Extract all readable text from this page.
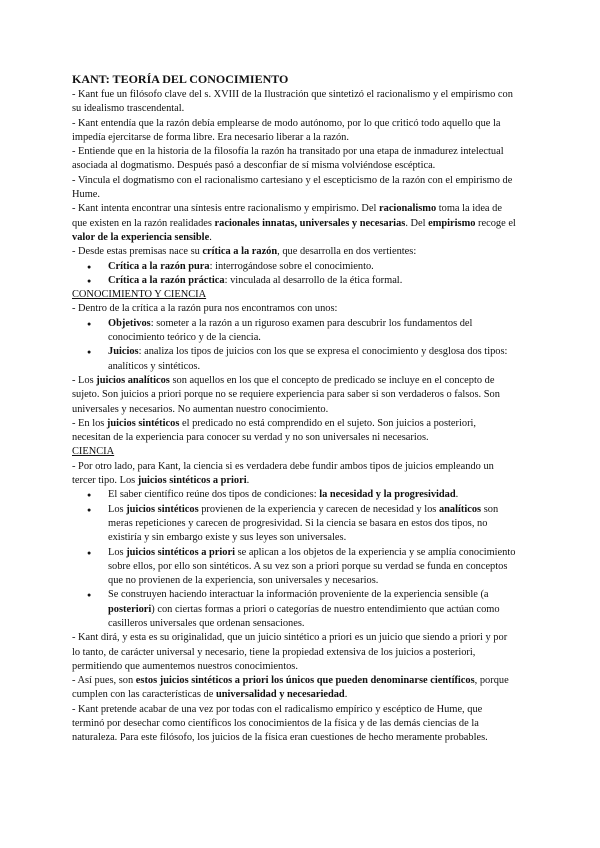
KANT: TEORÍA DEL CONOCIMIENTO

- Kant fue un filósofo clave del s. XVIII de la Ilustración que sintetizó el racionalismo y el empirismo con su idealismo trascendental.

- Kant entendía que la razón debía emplearse de modo autónomo, por lo que criticó todo aquello que la impedía ejercitarse de forma libre. Era necesario liberar a la razón.

- Entiende que en la historia de la filosofía la razón ha transitado por una etapa de inmadurez intelectual asociada al dogmatismo. Después pasó a desconfiar de sí misma volviéndose escéptica.

- Vincula el dogmatismo con el racionalismo cartesiano y el escepticismo de la razón con el empirismo de Hume.

- Kant intenta encontrar una síntesis entre racionalismo y empirismo. Del racionalismo toma la idea de que existen en la razón realidades racionales innatas, universales y necesarias. Del empirismo recoge el valor de la experiencia sensible.

- Desde estas premisas nace su crítica a la razón, que desarrolla en dos vertientes:

● Crítica a la razón pura: interrogándose sobre el conocimiento.
● Crítica a la razón práctica: vinculada al desarrollo de la ética formal.

CONOCIMIENTO Y CIENCIA

- Dentro de la crítica a la razón pura nos encontramos con unos:

● Objetivos: someter a la razón a un riguroso examen para descubrir los fundamentos del conocimiento teórico y de la ciencia.
● Juicios: analiza los tipos de juicios con los que se expresa el conocimiento y desglosa dos tipos: analíticos y sintéticos.

- Los juicios analíticos son aquellos en los que el concepto de predicado se incluye en el concepto de sujeto. Son juicios a priori porque no se requiere experiencia para saber si son verdaderos o falsos. Son universales y necesarios. No aumentan nuestro conocimiento.

- En los juicios sintéticos el predicado no está comprendido en el sujeto. Son juicios a posteriori, necesitan de la experiencia para conocer su verdad y no son universales ni necesarios.

CIENCIA

- Por otro lado, para Kant, la ciencia si es verdadera debe fundir ambos tipos de juicios empleando un tercer tipo. Los juicios sintéticos a priori.

● El saber científico reúne dos tipos de condiciones: la necesidad y la progresividad.
● Los juicios sintéticos provienen de la experiencia y carecen de necesidad y los analíticos son meras repeticiones y carecen de progresividad. Si la ciencia se basara en estos dos tipos, no existiría y sin embargo existe y sus leyes son universales.
● Los juicios sintéticos a priori se aplican a los objetos de la experiencia y se amplía conocimiento sobre ellos, por ello son sintéticos. A su vez son a priori porque su verdad se funda en conceptos que no provienen de la experiencia, son universales y necesarios.
● Se construyen haciendo interactuar la información proveniente de la experiencia sensible (a posteriori) con ciertas formas a priori o categorías de nuestro entendimiento que actúan como casilleros universales que ordenan sensaciones.

- Kant dirá, y esta es su originalidad, que un juicio sintético a priori es un juicio que siendo a priori y por lo tanto, de carácter universal y necesario, tiene la propiedad extensiva de los juicios a posteriori, permitiendo que aumentemos nuestros conocimientos.

- Así pues, son estos juicios sintéticos a priori los únicos que pueden denominarse científicos, porque cumplen con las características de universalidad y necesariedad.

- Kant pretende acabar de una vez por todas con el radicalismo empírico y escéptico de Hume, que terminó por desechar como científicos los conocimientos de la física y de las demás ciencias de la naturaleza. Para este filósofo, los juicios de la física eran cuestiones de hecho meramente probables.
